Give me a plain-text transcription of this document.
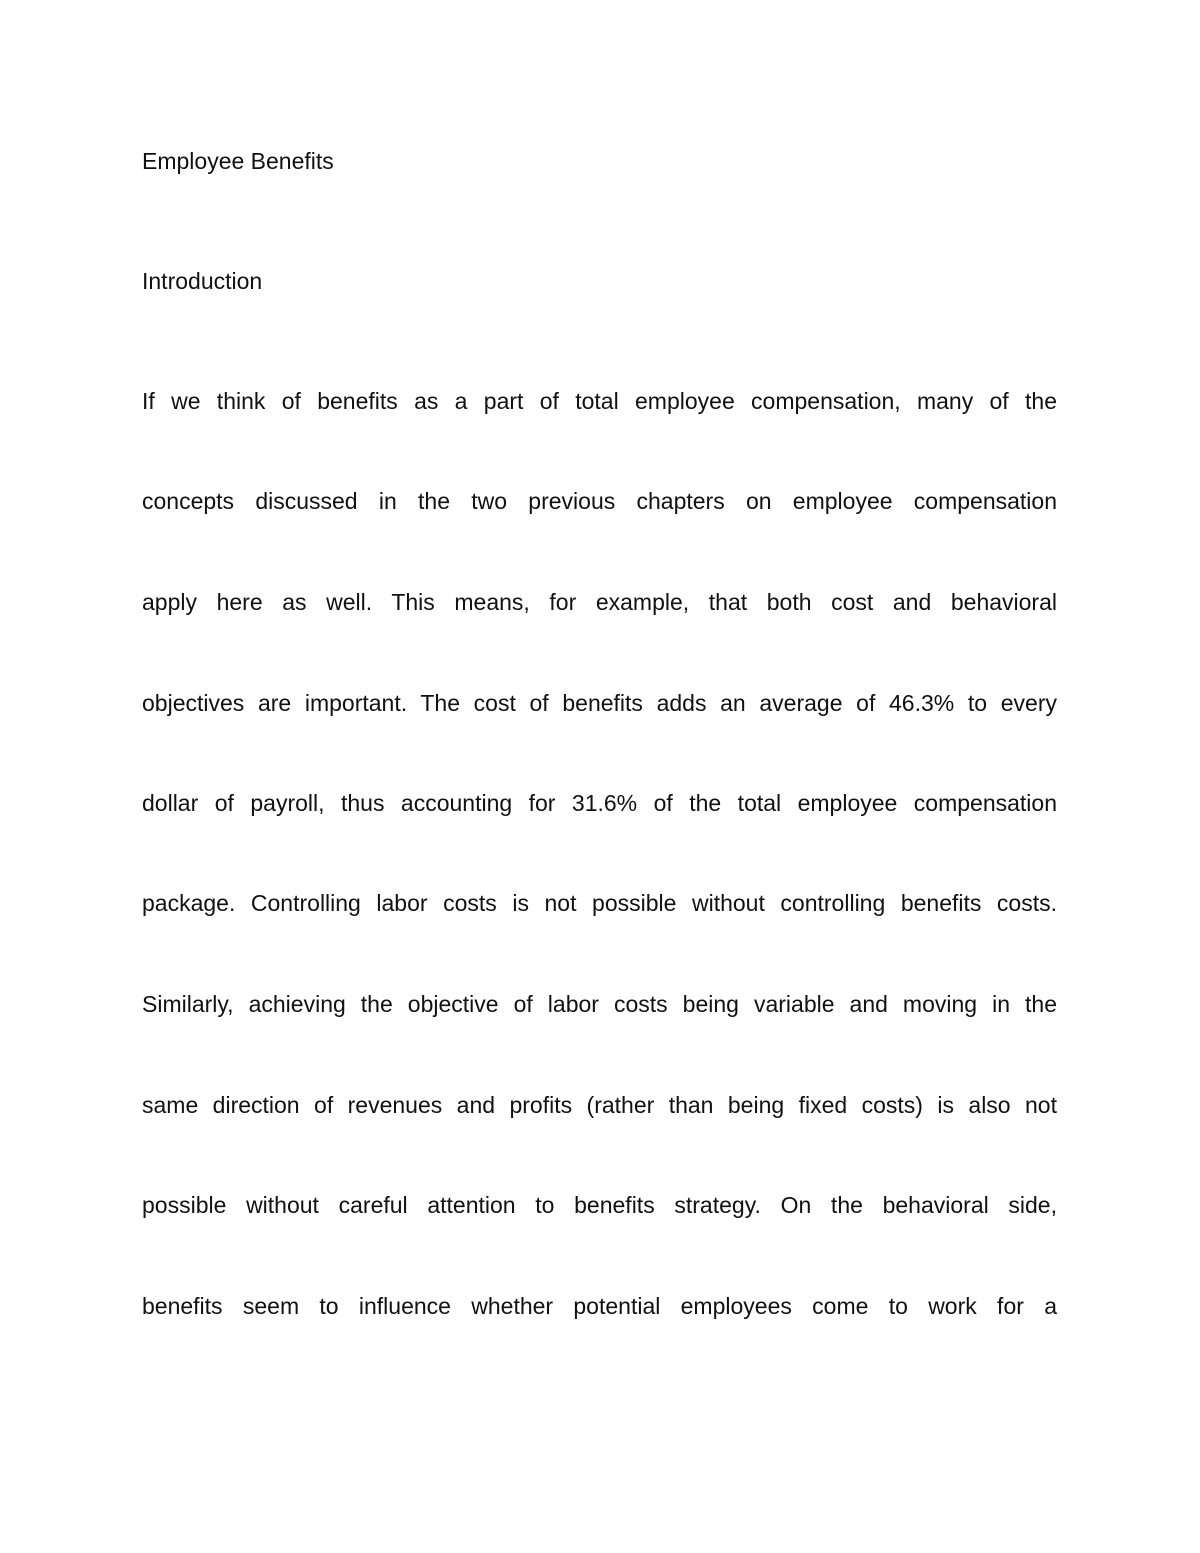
Employee Benefits

Introduction

If we think of benefits as a part of total employee compensation, many of the

concepts discussed in the two previous chapters on employee compensation

apply here as well. This means, for example, that both cost and behavioral

objectives are important. The cost of benefits adds an average of 46.3% to every

dollar of payroll, thus accounting for 31.6% of the total employee compensation

package. Controlling labor costs is not possible without controlling benefits costs.

Similarly, achieving the objective of labor costs being variable and moving in the

same direction of revenues and profits (rather than being fixed costs) is also not

possible without careful attention to benefits strategy. On the behavioral side,

benefits seem to influence whether potential employees come to work for a
